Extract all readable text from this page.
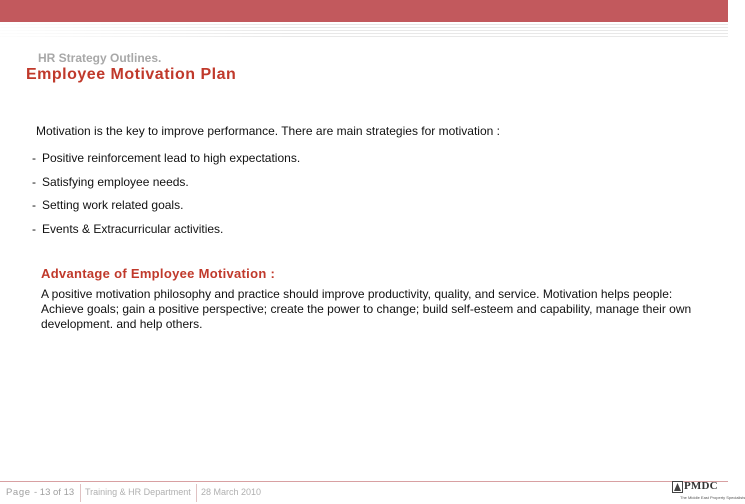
HR Strategy Outlines.
Employee Motivation Plan
Motivation is the key to improve performance. There are main strategies for motivation :
- Positive reinforcement lead to high expectations.
- Satisfying employee needs.
- Setting work related goals.
- Events & Extracurricular activities.
Advantage of Employee Motivation :
A positive motivation philosophy and practice should improve productivity, quality, and service. Motivation helps people: Achieve goals; gain a positive perspective; create the power to change; build self-esteem and capability, manage their own development. and help others.
Page - 13 of 13 Training & HR Department 28 March 2010	PMDC
The Middle East Property Specialists
